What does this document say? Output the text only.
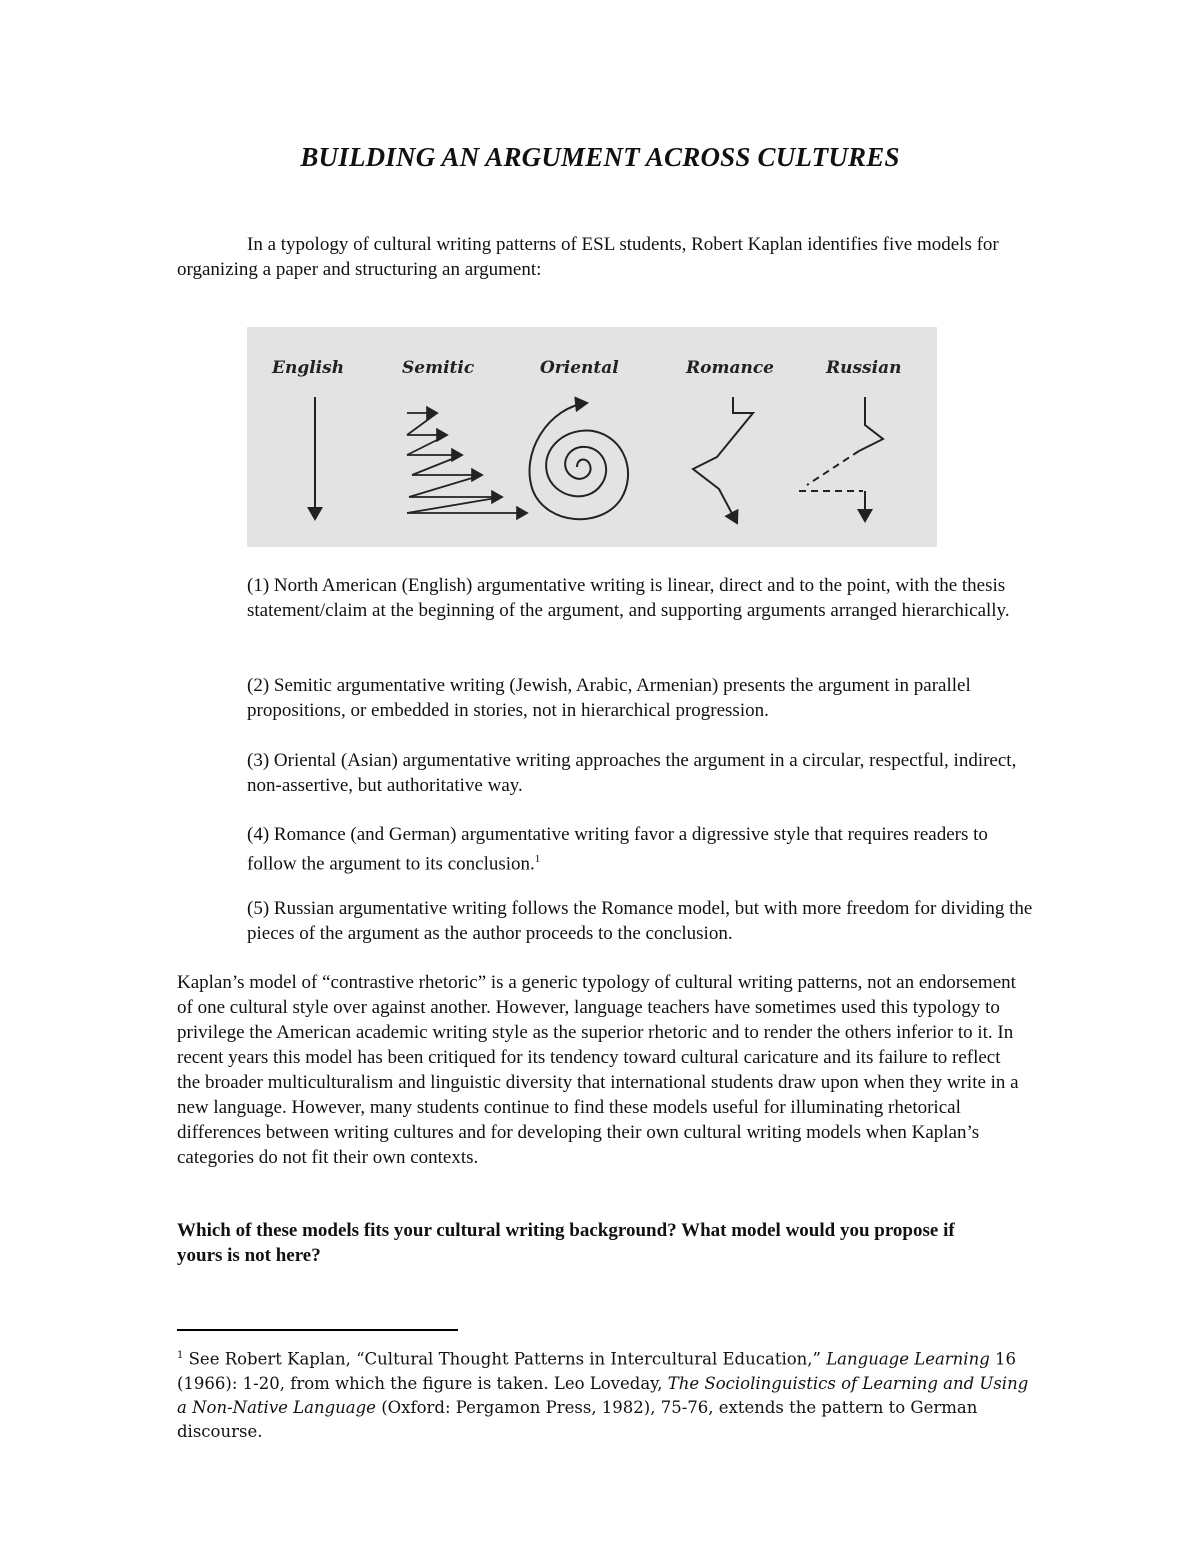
BUILDING AN ARGUMENT ACROSS CULTURES

In a typology of cultural writing patterns of ESL students, Robert Kaplan identifies five models for organizing a paper and structuring an argument:

English	Semitic	Oriental	Romance	Russian

(1) North American (English) argumentative writing is linear, direct and to the point, with the thesis statement/claim at the beginning of the argument, and supporting arguments arranged hierarchically.

(2) Semitic argumentative writing (Jewish, Arabic, Armenian) presents the argument in parallel propositions, or embedded in stories, not in hierarchical progression.

(3) Oriental (Asian) argumentative writing approaches the argument in a circular, respectful, indirect, non-assertive, but authoritative way.

(4) Romance (and German) argumentative writing favor a digressive style that requires readers to follow the argument to its conclusion.$^1$

(5) Russian argumentative writing follows the Romance model, but with more freedom for dividing the pieces of the argument as the author proceeds to the conclusion.

Kaplan’s model of “contrastive rhetoric” is a generic typology of cultural writing patterns, not an endorsement of one cultural style over against another. However, language teachers have sometimes used this typology to privilege the American academic writing style as the superior rhetoric and to render the others inferior to it. In recent years this model has been critiqued for its tendency toward cultural caricature and its failure to reflect the broader multiculturalism and linguistic diversity that international students draw upon when they write in a new language. However, many students continue to find these models useful for illuminating rhetorical differences between writing cultures and for developing their own cultural writing models when Kaplan’s categories do not fit their own contexts.

Which of these models fits your cultural writing background? What model would you propose if yours is not here?

$^1$ See Robert Kaplan, “Cultural Thought Patterns in Intercultural Education,” Language Learning 16 (1966): 1-20, from which the figure is taken. Leo Loveday, The Sociolinguistics of Learning and Using a Non-Native Language (Oxford: Pergamon Press, 1982), 75-76, extends the pattern to German discourse.
